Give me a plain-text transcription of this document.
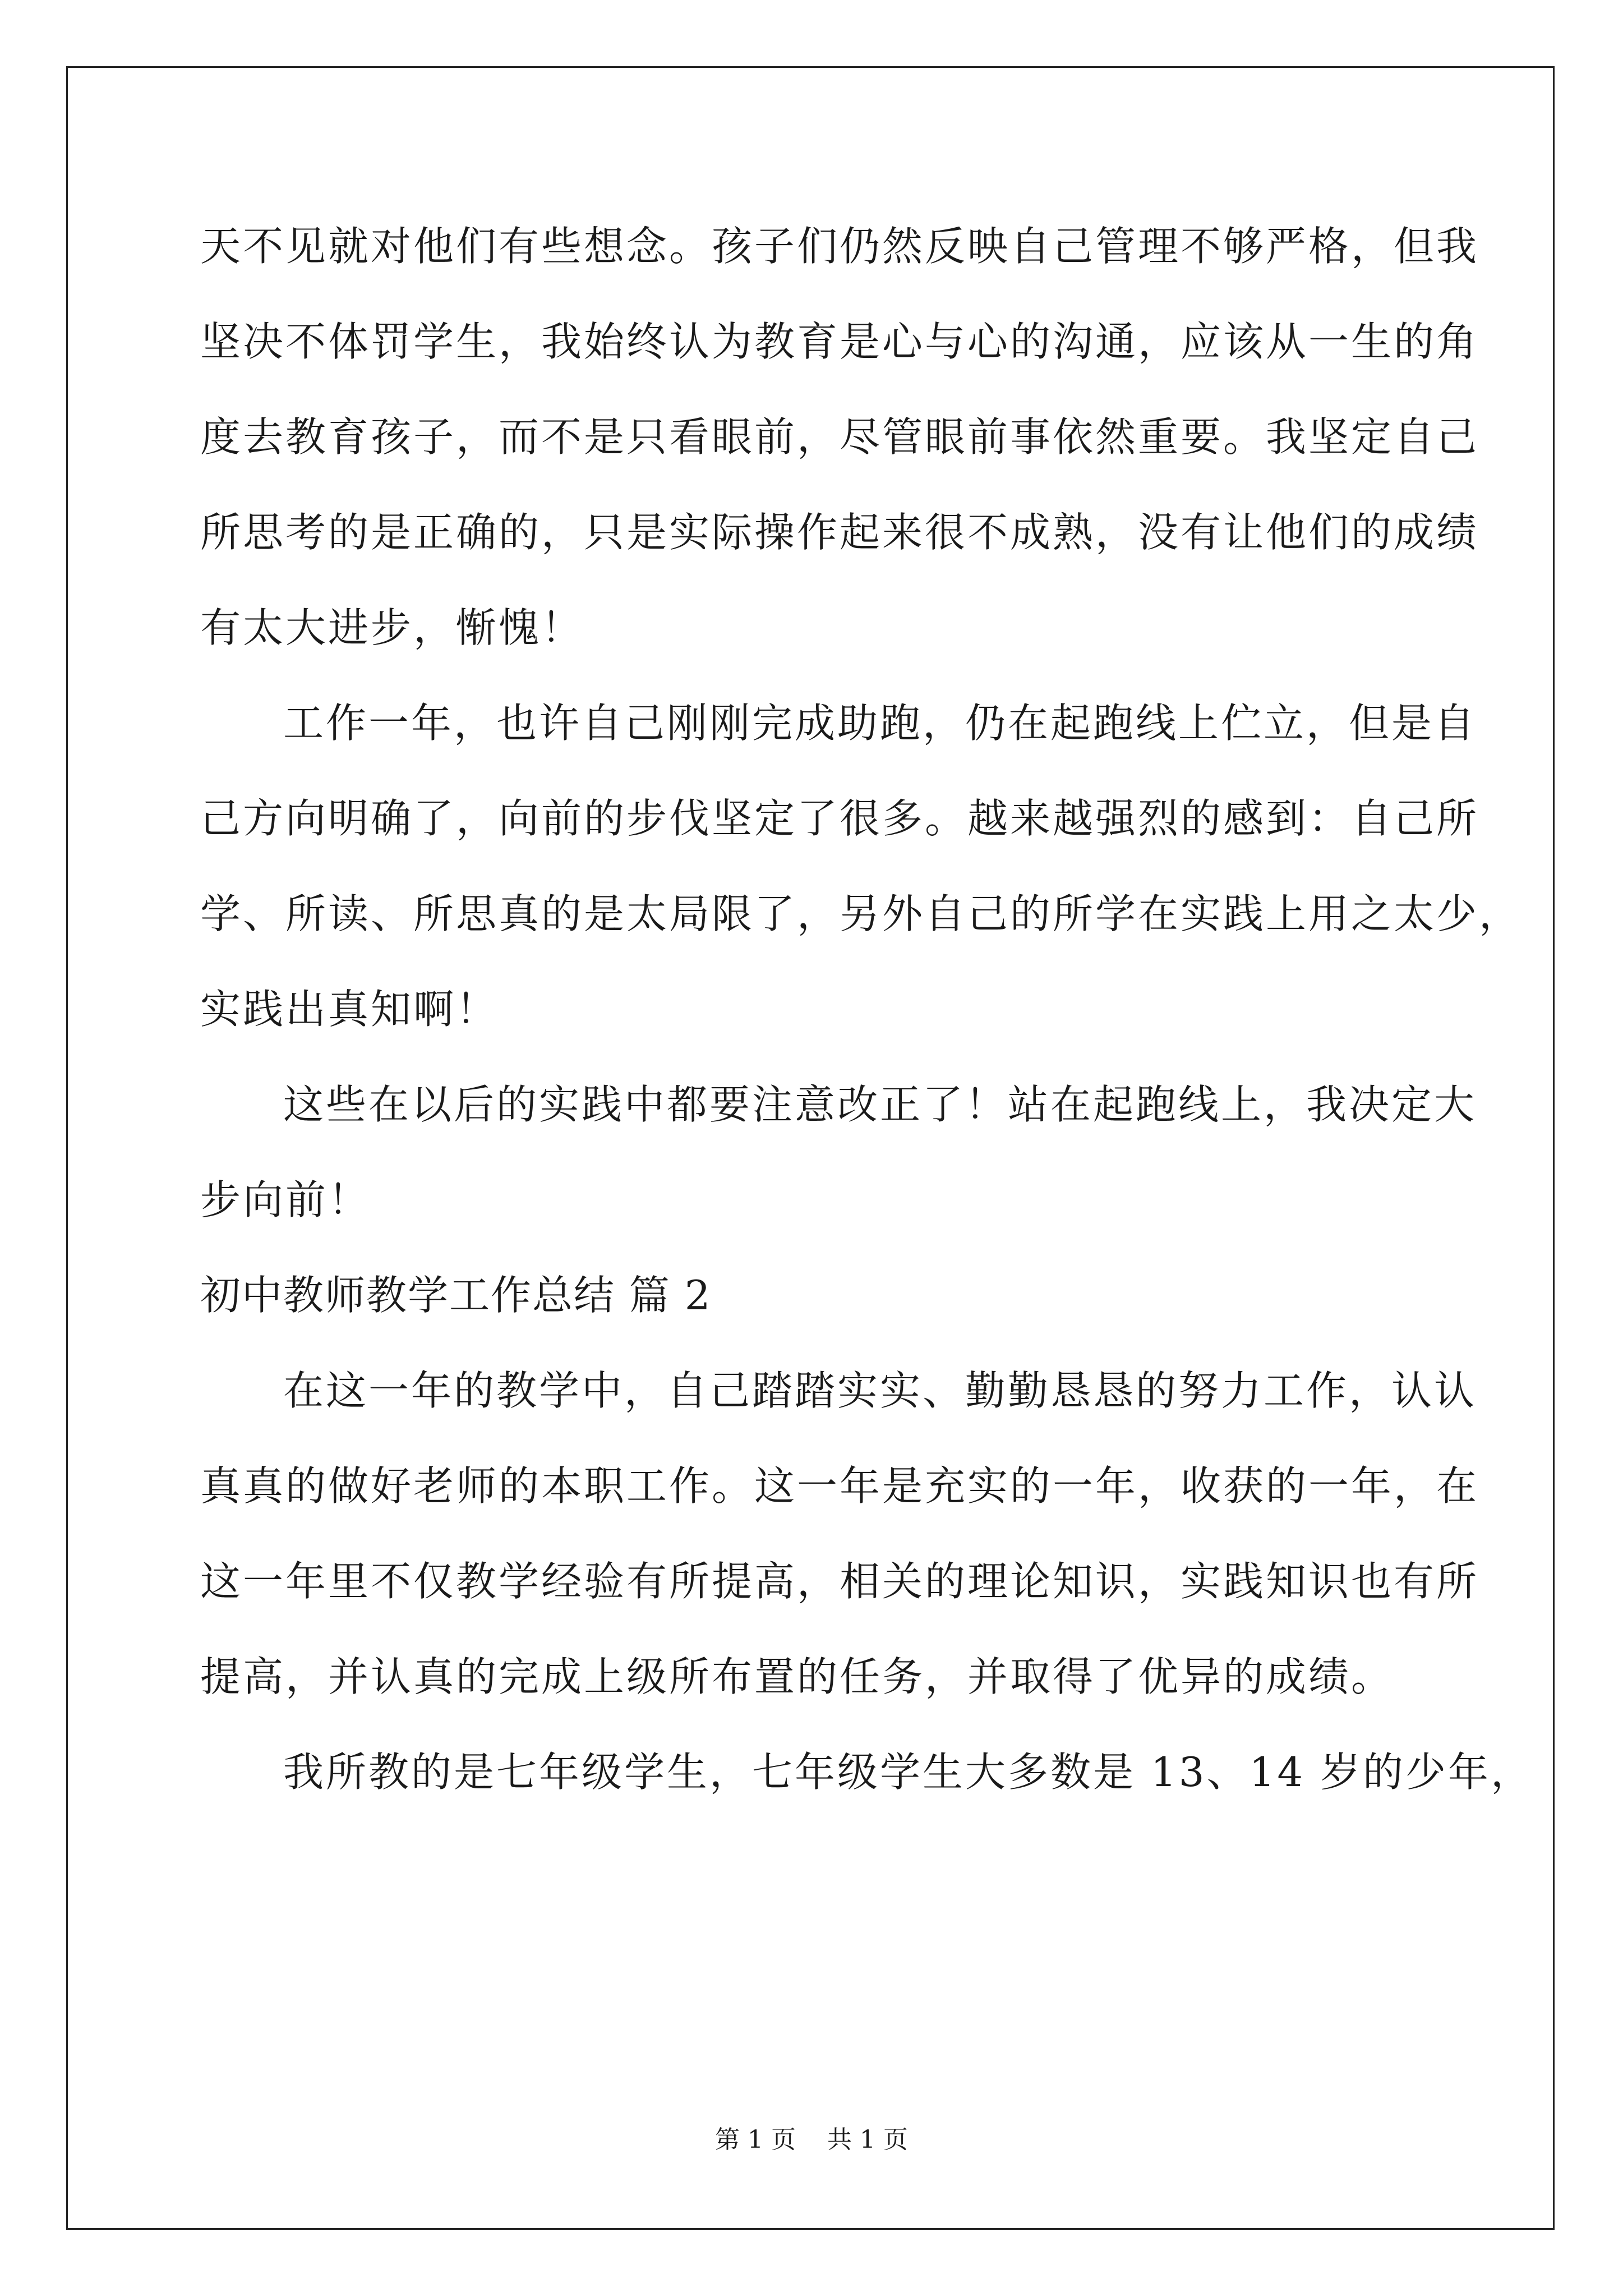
天不见就对他们有些想念。孩子们仍然反映自己管理不够严格，但我
坚决不体罚学生，我始终认为教育是心与心的沟通，应该从一生的角
度去教育孩子，而不是只看眼前，尽管眼前事依然重要。我坚定自己
所思考的是正确的，只是实际操作起来很不成熟，没有让他们的成绩
有太大进步，惭愧！
工作一年，也许自己刚刚完成助跑，仍在起跑线上伫立，但是自
己方向明确了，向前的步伐坚定了很多。越来越强烈的感到：自己所
学、所读、所思真的是太局限了，另外自己的所学在实践上用之太少，
实践出真知啊！
这些在以后的实践中都要注意改正了！站在起跑线上，我决定大
步向前！
初中教师教学工作总结 篇 2
在这一年的教学中，自己踏踏实实、勤勤恳恳的努力工作，认认
真真的做好老师的本职工作。这一年是充实的一年，收获的一年，在
这一年里不仅教学经验有所提高，相关的理论知识，实践知识也有所
提高，并认真的完成上级所布置的任务，并取得了优异的成绩。
我所教的是七年级学生，七年级学生大多数是 13、14 岁的少年，
第 1 页    共 1 页
